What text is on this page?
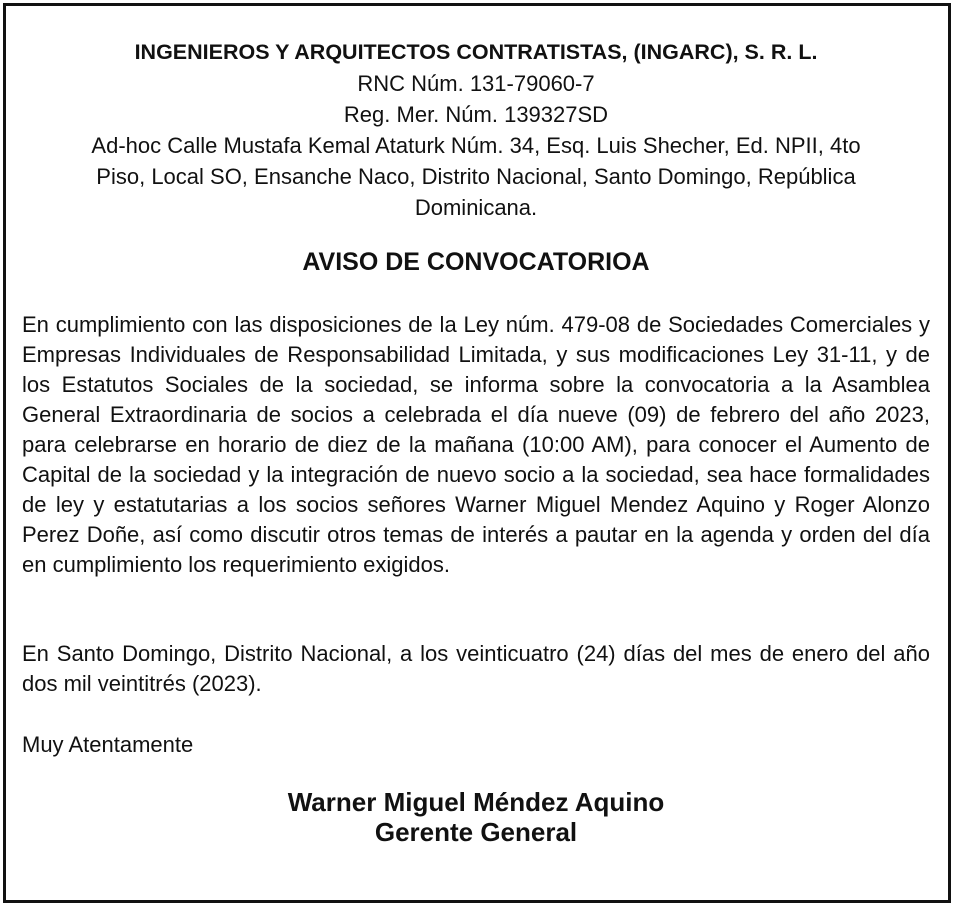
INGENIEROS Y ARQUITECTOS CONTRATISTAS, (INGARC), S. R. L.
RNC Núm. 131-79060-7
Reg. Mer. Núm. 139327SD
Ad-hoc Calle Mustafa Kemal Ataturk Núm. 34, Esq. Luis Shecher, Ed. NPII, 4to
Piso, Local SO, Ensanche Naco, Distrito Nacional, Santo Domingo, República
Dominicana.
AVISO DE CONVOCATORIOA

En cumplimiento con las disposiciones de la Ley núm. 479-08 de Sociedades Comerciales y Empresas Individuales de Responsabilidad Limitada, y sus modificaciones Ley 31-11, y de los Estatutos Sociales de la sociedad, se informa sobre la convocatoria a la Asamblea General Extraordinaria de socios a celebrada el día nueve (09) de febrero del año 2023, para celebrarse en horario de diez de la mañana (10:00 AM), para conocer el Aumento de Capital de la sociedad y la integración de nuevo socio a la sociedad, sea hace formalidades de ley y estatutarias a los socios señores Warner Miguel Mendez Aquino y Roger Alonzo Perez Doñe, así como discutir otros temas de interés a pautar en la agenda y orden del día en cumplimiento los requerimiento exigidos.

En Santo Domingo, Distrito Nacional, a los veinticuatro (24) días del mes de enero del año dos mil veintitrés (2023).

Muy Atentamente
Warner Miguel Méndez Aquino
Gerente General
